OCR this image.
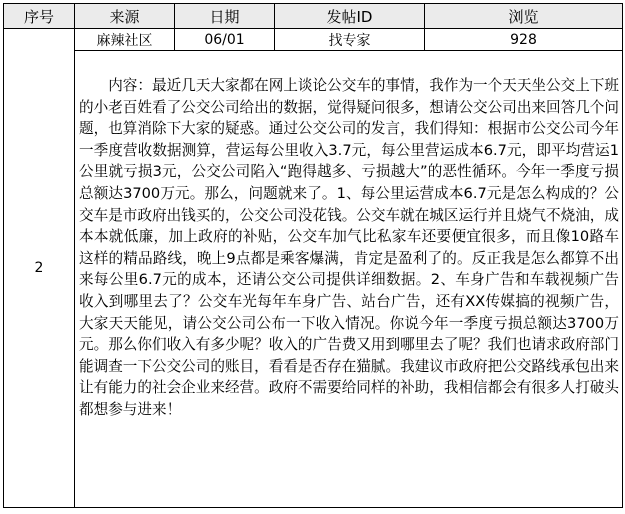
序号	来源	日期	发帖ID	浏览
2	麻辣社区	06/01	找专家	928

	内容：最近几天大家都在网上谈论公交车的事情，我作为一个天天坐公交上下班的小老百姓看了公交公司给出的数据，觉得疑问很多，想请公交公司出来回答几个问题，也算消除下大家的疑惑。通过公交公司的发言，我们得知：根据市公交公司今年一季度营收数据测算，营运每公里收入3.7元，每公里营运成本6.7元，即平均营运1公里就亏损3元，公交公司陷入“跑得越多、亏损越大”的恶性循环。今年一季度亏损总额达3700万元。那么，问题就来了。1、每公里运营成本6.7元是怎么构成的？公交车是市政府出钱买的，公交公司没花钱。公交车就在城区运行并且烧气不烧油，成本本就低廉，加上政府的补贴，公交车加气比私家车还要便宜很多，而且像10路车这样的精品路线，晚上9点都是乘客爆满，肯定是盈利了的。反正我是怎么都算不出来每公里6.7元的成本，还请公交公司提供详细数据。2、车身广告和车载视频广告收入到哪里去了？公交车光每年车身广告、站台广告，还有XX传媒搞的视频广告，大家天天能见，请公交公司公布一下收入情况。你说今年一季度亏损总额达3700万元。那么你们收入有多少呢？收入的广告费又用到哪里去了呢？我们也请求政府部门能调查一下公交公司的账目，看看是否存在猫腻。我建议市政府把公交路线承包出来让有能力的社会企业来经营。政府不需要给同样的补助，我相信都会有很多人打破头都想参与进来！			
